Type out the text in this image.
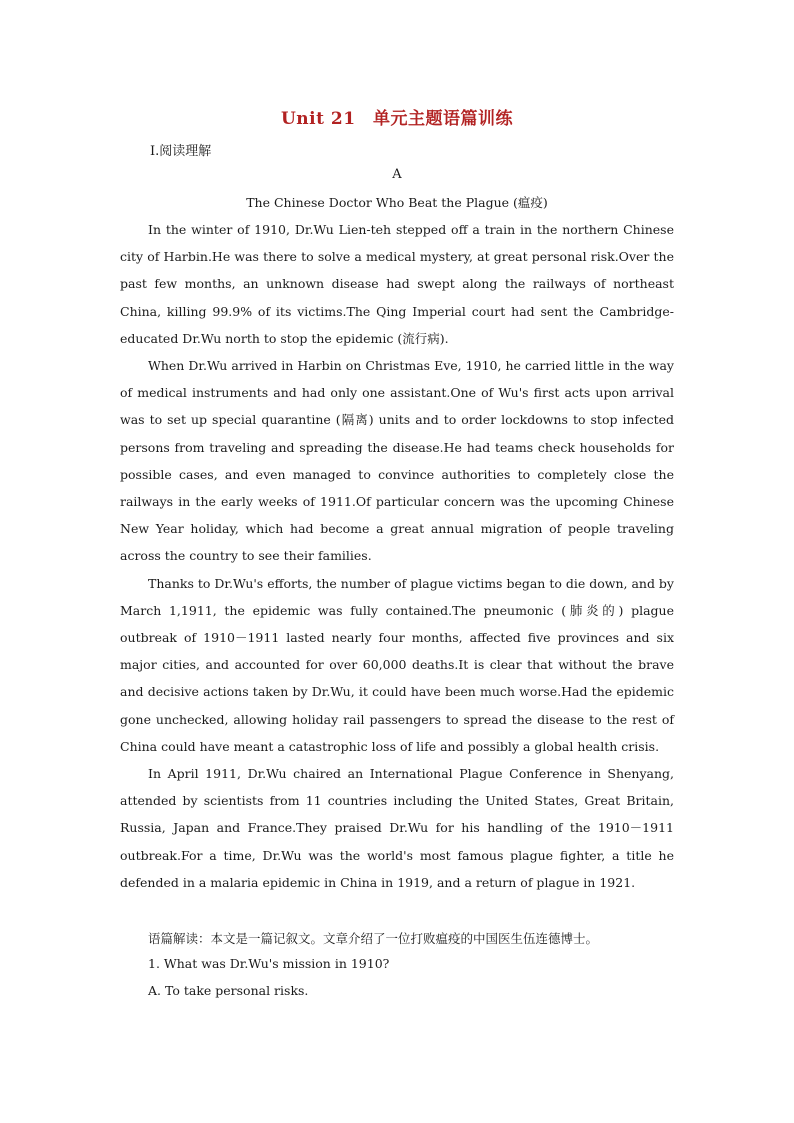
Unit 21　单元主题语篇训练
Ⅰ.阅读理解
A
The Chinese Doctor Who Beat the Plague (瘟疫)

In the winter of 1910, Dr.Wu Lien-teh stepped off a train in the northern Chinese city of Harbin.He was there to solve a medical mystery, at great personal risk.Over the past few months, an unknown disease had swept along the railways of northeast China, killing 99.9% of its victims.The Qing Imperial court had sent the Cambridge-educated Dr.Wu north to stop the epidemic (流行病).

When Dr.Wu arrived in Harbin on Christmas Eve, 1910, he carried little in the way of medical instruments and had only one assistant.One of Wu's first acts upon arrival was to set up special quarantine (隔离) units and to order lockdowns to stop infected persons from traveling and spreading the disease.He had teams check households for possible cases, and even managed to convince authorities to completely close the railways in the early weeks of 1911.Of particular concern was the upcoming Chinese New Year holiday, which had become a great annual migration of people traveling across the country to see their families.

Thanks to Dr.Wu's efforts, the number of plague victims began to die down, and by March 1,1911, the epidemic was fully contained.The pneumonic (肺炎的) plague outbreak of 1910－1911 lasted nearly four months, affected five provinces and six major cities, and accounted for over 60,000 deaths.It is clear that without the brave and decisive actions taken by Dr.Wu, it could have been much worse.Had the epidemic gone unchecked, allowing holiday rail passengers to spread the disease to the rest of China could have meant a catastrophic loss of life and possibly a global health crisis.

In April 1911, Dr.Wu chaired an International Plague Conference in Shenyang, attended by scientists from 11 countries including the United States, Great Britain, Russia, Japan and France.They praised Dr.Wu for his handling of the 1910－1911 outbreak.For a time, Dr.Wu was the world's most famous plague fighter, a title he defended in a malaria epidemic in China in 1919, and a return of plague in 1921.

语篇解读：本文是一篇记叙文。文章介绍了一位打败瘟疫的中国医生伍连德博士。
1. What was Dr.Wu's mission in 1910?
A. To take personal risks.
